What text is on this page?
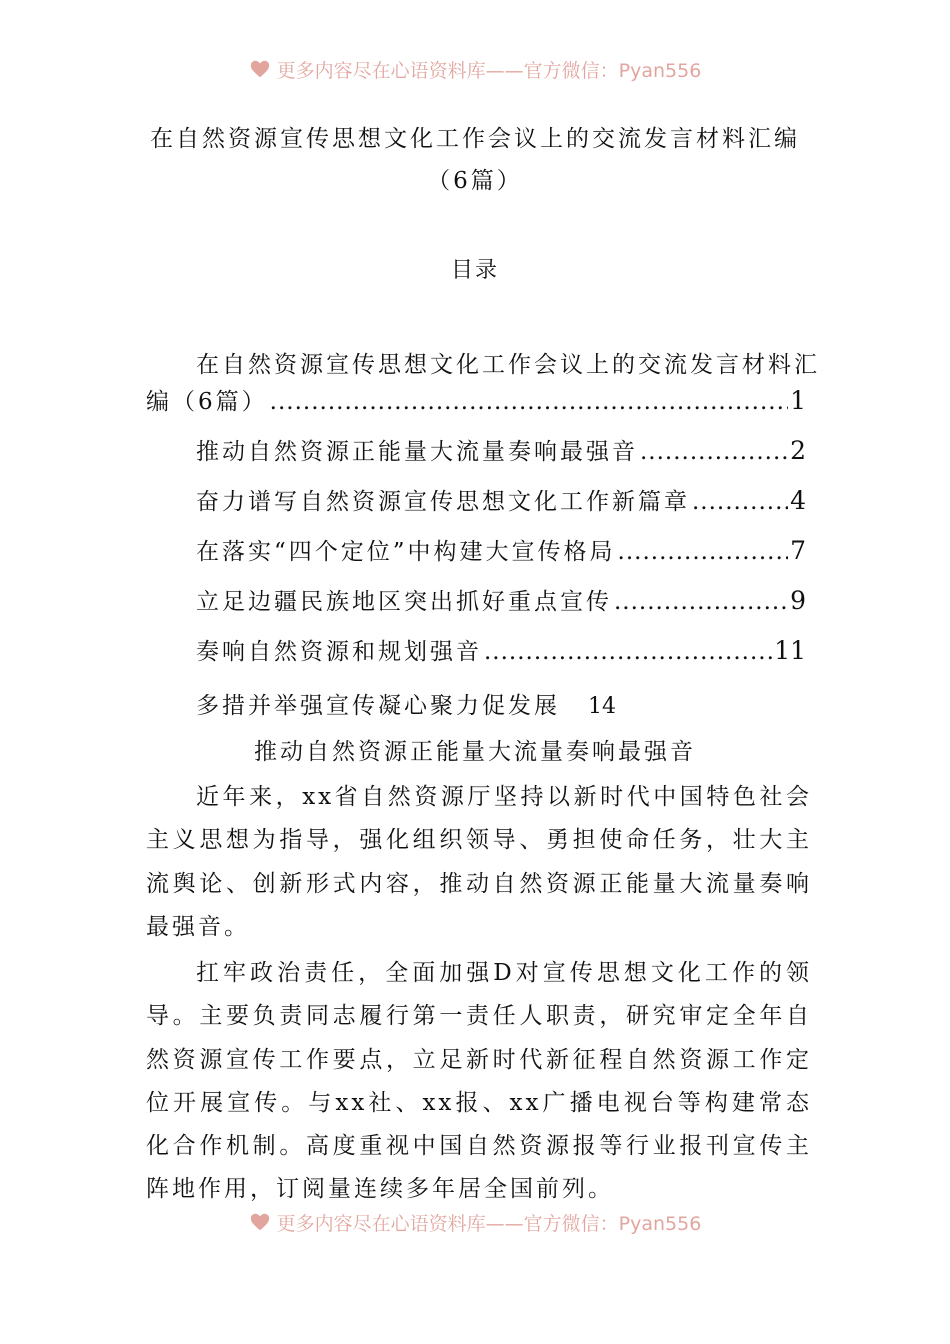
更多内容尽在心语资料库——官方微信：Pyan556
在自然资源宣传思想文化工作会议上的交流发言材料汇编
（6篇）
目录
在自然资源宣传思想文化工作会议上的交流发言材料汇
编（6篇） .....	1
推动自然资源正能量大流量奏响最强音 .....	2
奋力谱写自然资源宣传思想文化工作新篇章 .....	4
在落实“四个定位”中构建大宣传格局 .....	7
立足边疆民族地区突出抓好重点宣传 .....	9
奏响自然资源和规划强音 .....	11
多措并举强宣传凝心聚力促发展 14
推动自然资源正能量大流量奏响最强音

近年来，xx省自然资源厅坚持以新时代中国特色社会主义思想为指导，强化组织领导、勇担使命任务，壮大主流舆论、创新形式内容，推动自然资源正能量大流量奏响最强音。

扛牢政治责任，全面加强D对宣传思想文化工作的领导。主要负责同志履行第一责任人职责，研究审定全年自然资源宣传工作要点，立足新时代新征程自然资源工作定位开展宣传。与xx社、xx报、xx广播电视台等构建常态化合作机制。高度重视中国自然资源报等行业报刊宣传主阵地作用，订阅量连续多年居全国前列。

更多内容尽在心语资料库——官方微信：Pyan556
